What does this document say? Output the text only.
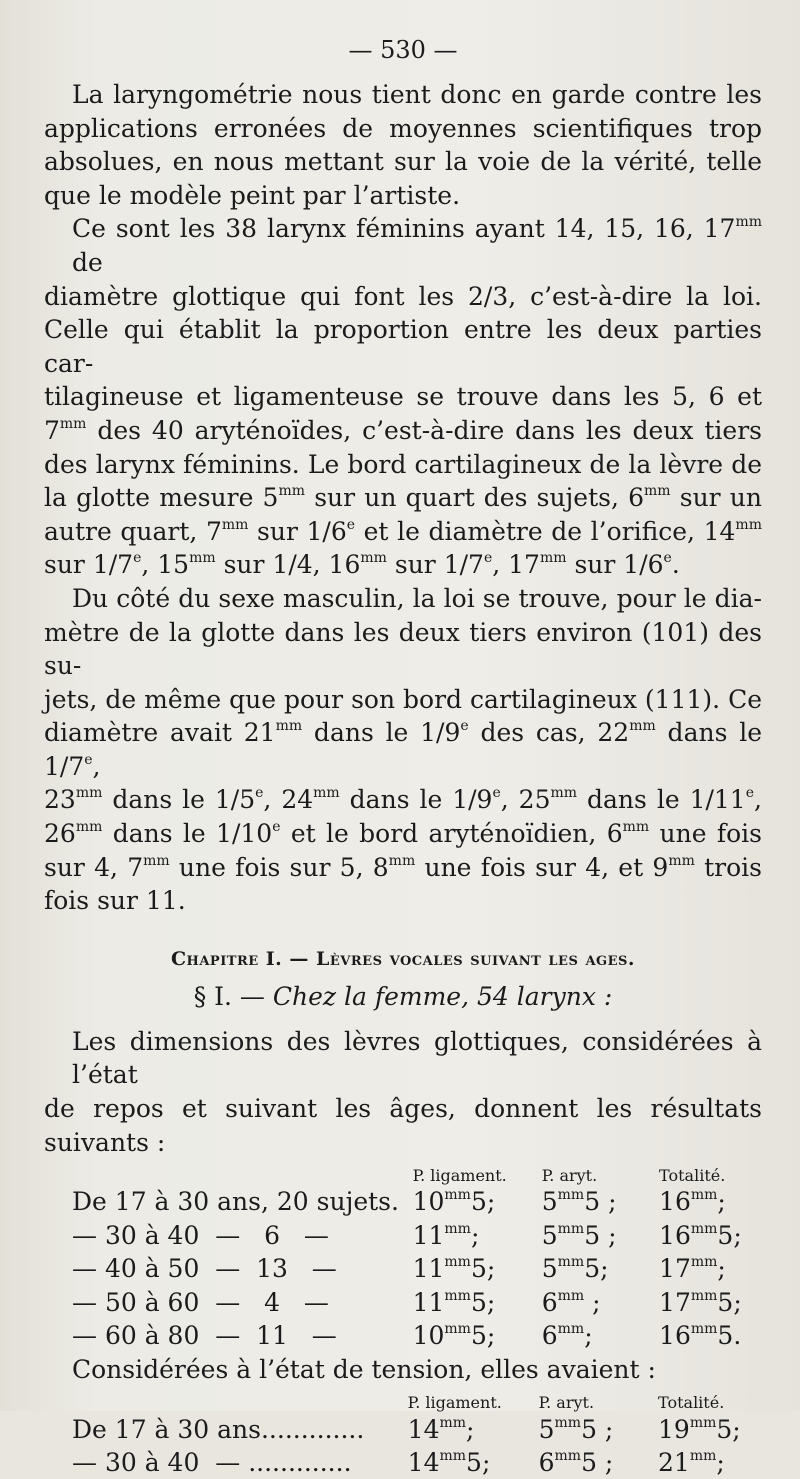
— 530 —
La laryngométrie nous tient donc en garde contre les
applications erronées de moyennes scientifiques trop
absolues, en nous mettant sur la voie de la vérité, telle
que le modèle peint par l’artiste.
Ce sont les 38 larynx féminins ayant 14, 15, 16, $17^{mm}$ de
diamètre glottique qui font les 2/3, c’est-à-dire la loi.
Celle qui établit la proportion entre les deux parties car-
tilagineuse et ligamenteuse se trouve dans les 5, 6 et
$7^{mm}$ des 40 aryténoïdes, c’est-à-dire dans les deux tiers
des larynx féminins. Le bord cartilagineux de la lèvre de
la glotte mesure $5^{mm}$ sur un quart des sujets, $6^{mm}$ sur un
autre quart, $7^{mm}$ sur 1/6e et le diamètre de l’orifice, $14^{mm}$
sur 1/7e, $15^{mm}$ sur 1/4, $16^{mm}$ sur 1/7e, $17^{mm}$ sur 1/6e.
Du côté du sexe masculin, la loi se trouve, pour le dia-
mètre de la glotte dans les deux tiers environ (101) des su-
jets, de même que pour son bord cartilagineux (111). Ce
diamètre avait $21^{mm}$ dans le 1/9e des cas, $22^{mm}$ dans le 1/7e,
$23^{mm}$ dans le 1/5e, $24^{mm}$ dans le 1/9e, $25^{mm}$ dans le 1/11e,
$26^{mm}$ dans le 1/10e et le bord aryténoïdien, $6^{mm}$ une fois
sur 4, $7^{mm}$ une fois sur 5, $8^{mm}$ une fois sur 4, et $9^{mm}$ trois
fois sur 11.
Chapitre I. — Lèvres vocales suivant les ages.
§ I. — Chez la femme, 54 larynx :
Les dimensions des lèvres glottiques, considérées à l’état
de repos et suivant les âges, donnent les résultats suivants :
	P. ligament.	P. aryt.	Totalité.
De 17 à 30 ans, 20 sujets.	$10^{mm}5$;	$5^{mm}5$ ;	$16^{mm}$;
— 30 à 40  —   6   —	$11^{mm}$;	$5^{mm}5$ ;	$16^{mm}5$;
— 40 à 50  —  13   —	$11^{mm}5$;	$5^{mm}5$;	$17^{mm}$;
— 50 à 60  —   4   —	$11^{mm}5$;	$6^{mm}$ ;	$17^{mm}5$;
— 60 à 80  —  11   —	$10^{mm}5$;	$6^{mm}$;	$16^{mm}5$.
Considérées à l’état de tension, elles avaient :
	P. ligament.	P. aryt.	Totalité.
De 17 à 30 ans.............	$14^{mm}$;	$5^{mm}5$ ;	$19^{mm}5$;
— 30 à 40  — .............	$14^{mm}5$;	$6^{mm}5$ ;	$21^{mm}$;
